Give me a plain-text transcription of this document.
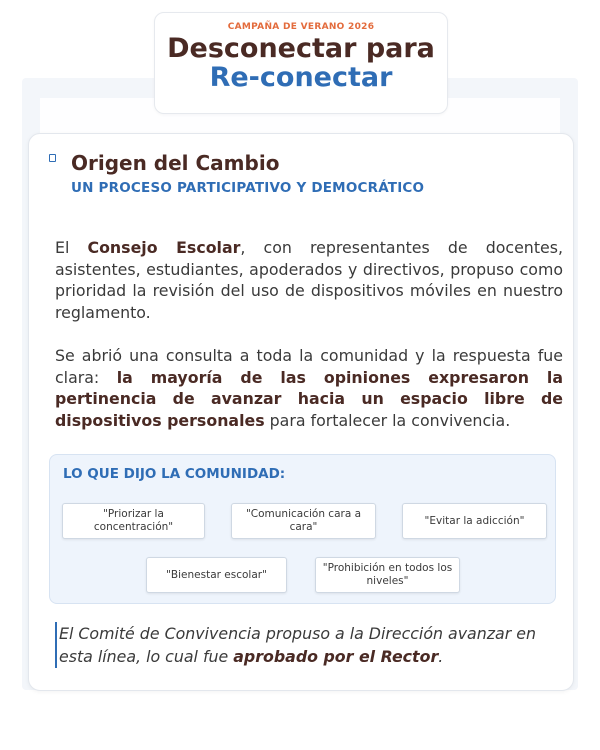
CAMPAÑA DE VERANO 2026
Desconectar para
Re-conectar
Origen del Cambio
UN PROCESO PARTICIPATIVO Y DEMOCRÁTICO
El Consejo Escolar, con representantes de docentes, asistentes, estudiantes, apoderados y directivos, propuso como prioridad la revisión del uso de dispositivos móviles en nuestro reglamento.
Se abrió una consulta a toda la comunidad y la respuesta fue clara: la mayoría de las opiniones expresaron la pertinencia de avanzar hacia un espacio libre de dispositivos personales para fortalecer la convivencia.
LO QUE DIJO LA COMUNIDAD:
"Priorizar la concentración"
"Comunicación cara a cara"
"Evitar la adicción"
"Bienestar escolar"
"Prohibición en todos los niveles"
El Comité de Convivencia propuso a la Dirección avanzar en esta línea, lo cual fue aprobado por el Rector.
